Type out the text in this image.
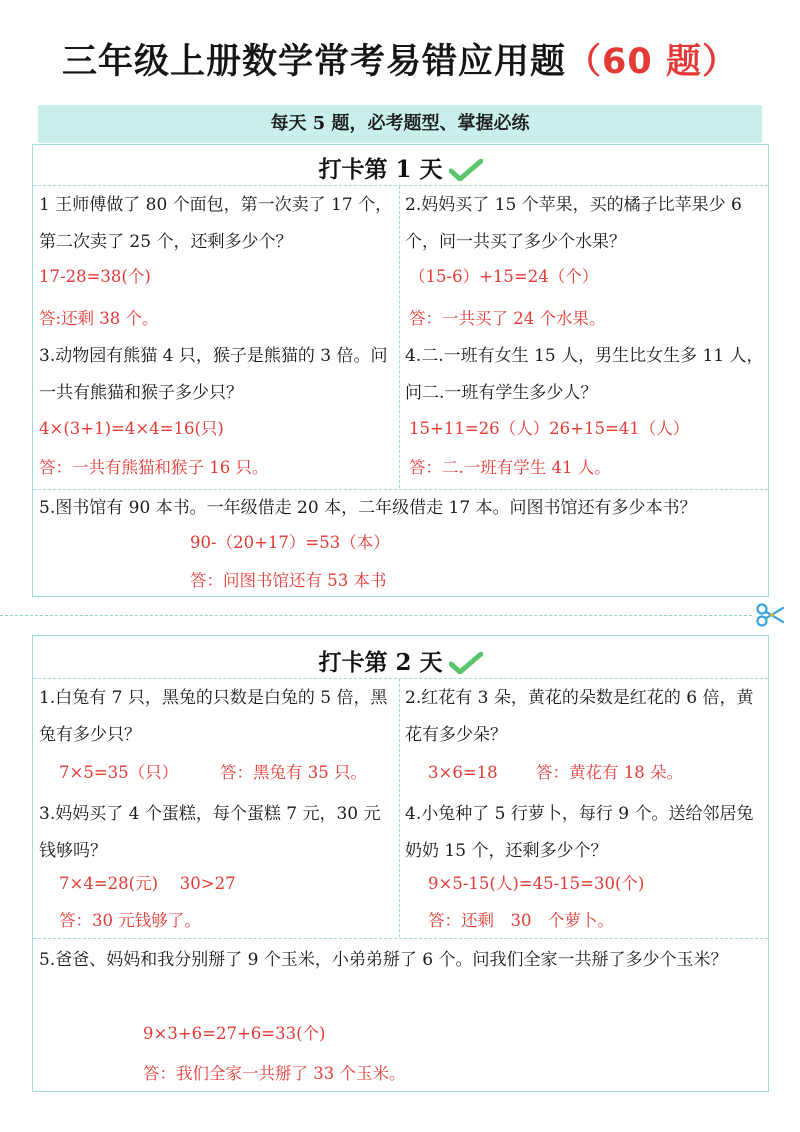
三年级上册数学常考易错应用题（60 题）
每天 5 题，必考题型、掌握必练
打卡第 1 天
1 王师傅做了 80 个面包，第一次卖了 17 个，第二次卖了 25 个，还剩多少个？
17-28=38(个)
答:还剩 38 个。
2.妈妈买了 15 个苹果，买的橘子比苹果少 6 个，问一共买了多少个水果？
（15-6）+15=24（个）
答：一共买了 24 个水果。
3.动物园有熊猫 4 只，猴子是熊猫的 3 倍。问一共有熊猫和猴子多少只？
4×(3+1)=4×4=16(只)
答：一共有熊猫和猴子 16 只。
4.二.一班有女生 15 人，男生比女生多 11 人，问二.一班有学生多少人？
15+11=26（人）26+15=41（人）
答：二.一班有学生 41 人。
5.图书馆有 90 本书。一年级借走 20 本，二年级借走 17 本。问图书馆还有多少本书？
90-（20+17）=53（本）
答：问图书馆还有 53 本书
打卡第 2 天
1.白兔有 7 只，黑兔的只数是白兔的 5 倍，黑兔有多少只？
7×5=35（只）	答：黑兔有 35 只。
2.红花有 3 朵，黄花的朵数是红花的 6 倍，黄花有多少朵？
3×6=18 答：黄花有 18 朵。
3.妈妈买了 4 个蛋糕，每个蛋糕 7 元，30 元钱够吗？
7×4=28(元)　 30>27
答：30 元钱够了。
4.小兔种了 5 行萝卜，每行 9 个。送给邻居兔奶奶 15 个，还剩多少个？
9×5-15(人)=45-15=30(个)
答：还剩　30　个萝卜。
5.爸爸、妈妈和我分别掰了 9 个玉米，小弟弟掰了 6 个。问我们全家一共掰了多少个玉米？
9×3+6=27+6=33(个)
答：我们全家一共掰了 33 个玉米。
